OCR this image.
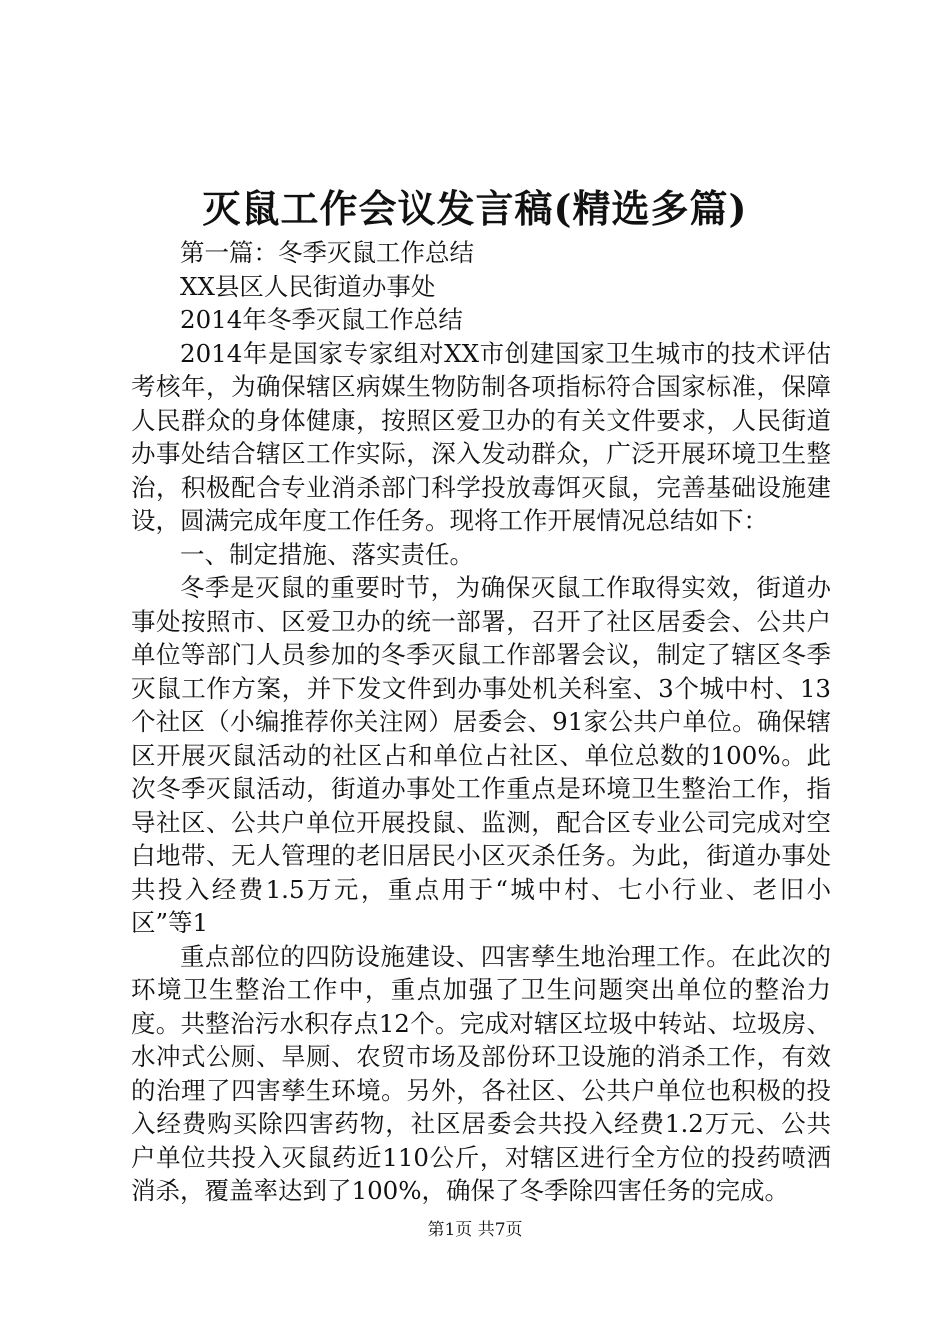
灭鼠工作会议发言稿(精选多篇)

第一篇：冬季灭鼠工作总结

XX县区人民街道办事处

2014年冬季灭鼠工作总结

2014年是国家专家组对XX市创建国家卫生城市的技术评估考核年，为确保辖区病媒生物防制各项指标符合国家标准，保障人民群众的身体健康，按照区爱卫办的有关文件要求，人民街道办事处结合辖区工作实际，深入发动群众，广泛开展环境卫生整治，积极配合专业消杀部门科学投放毒饵灭鼠，完善基础设施建设，圆满完成年度工作任务。现将工作开展情况总结如下：

一、制定措施、落实责任。

冬季是灭鼠的重要时节，为确保灭鼠工作取得实效，街道办事处按照市、区爱卫办的统一部署，召开了社区居委会、公共户单位等部门人员参加的冬季灭鼠工作部署会议，制定了辖区冬季灭鼠工作方案，并下发文件到办事处机关科室、3个城中村、13个社区（小编推荐你关注网）居委会、91家公共户单位。确保辖区开展灭鼠活动的社区占和单位占社区、单位总数的100%。此次冬季灭鼠活动，街道办事处工作重点是环境卫生整治工作，指导社区、公共户单位开展投鼠、监测，配合区专业公司完成对空白地带、无人管理的老旧居民小区灭杀任务。为此，街道办事处共投入经费1.5万元，重点用于“城中村、七小行业、老旧小区”等1

重点部位的四防设施建设、四害孳生地治理工作。在此次的环境卫生整治工作中，重点加强了卫生问题突出单位的整治力度。共整治污水积存点12个。完成对辖区垃圾中转站、垃圾房、水冲式公厕、旱厕、农贸市场及部份环卫设施的消杀工作，有效的治理了四害孳生环境。另外，各社区、公共户单位也积极的投入经费购买除四害药物，社区居委会共投入经费1.2万元、公共户单位共投入灭鼠药近110公斤，对辖区进行全方位的投药喷洒消杀，覆盖率达到了100%，确保了冬季除四害任务的完成。

第1页 共7页
